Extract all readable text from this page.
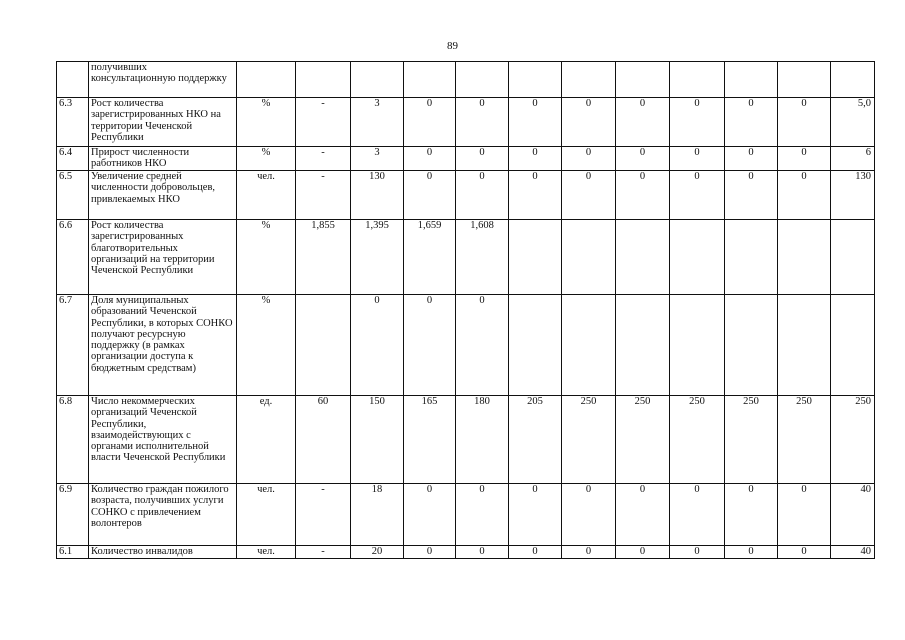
89
	получивших консультационную поддержку												
6.3	Рост количества зарегистрированных НКО на территории Чеченской Республики	%	-	3	0	0	0	0	0	0	0	0	5,0
6.4	Прирост численности работников НКО	%	-	3	0	0	0	0	0	0	0	0	6
6.5	Увеличение средней численности добровольцев, привлекаемых НКО	чел.	-	130	0	0	0	0	0	0	0	0	130
6.6	Рост количества зарегистрированных благотворительных организаций на территории Чеченской Республики	%	1,855	1,395	1,659	1,608							
6.7	Доля муниципальных образований Чеченской Республики, в которых СОНКО получают ресурсную поддержку (в рамках организации доступа к бюджетным средствам)	%		0	0	0							
6.8	Число некоммерческих организаций Чеченской Республики, взаимодействующих с органами исполнительной власти Чеченской Республики	ед.	60	150	165	180	205	250	250	250	250	250	250
6.9	Количество граждан пожилого возраста, получивших услуги СОНКО с привлечением волонтеров	чел.	-	18	0	0	0	0	0	0	0	0	40
6.1	Количество инвалидов	чел.	-	20	0	0	0	0	0	0	0	0	40
